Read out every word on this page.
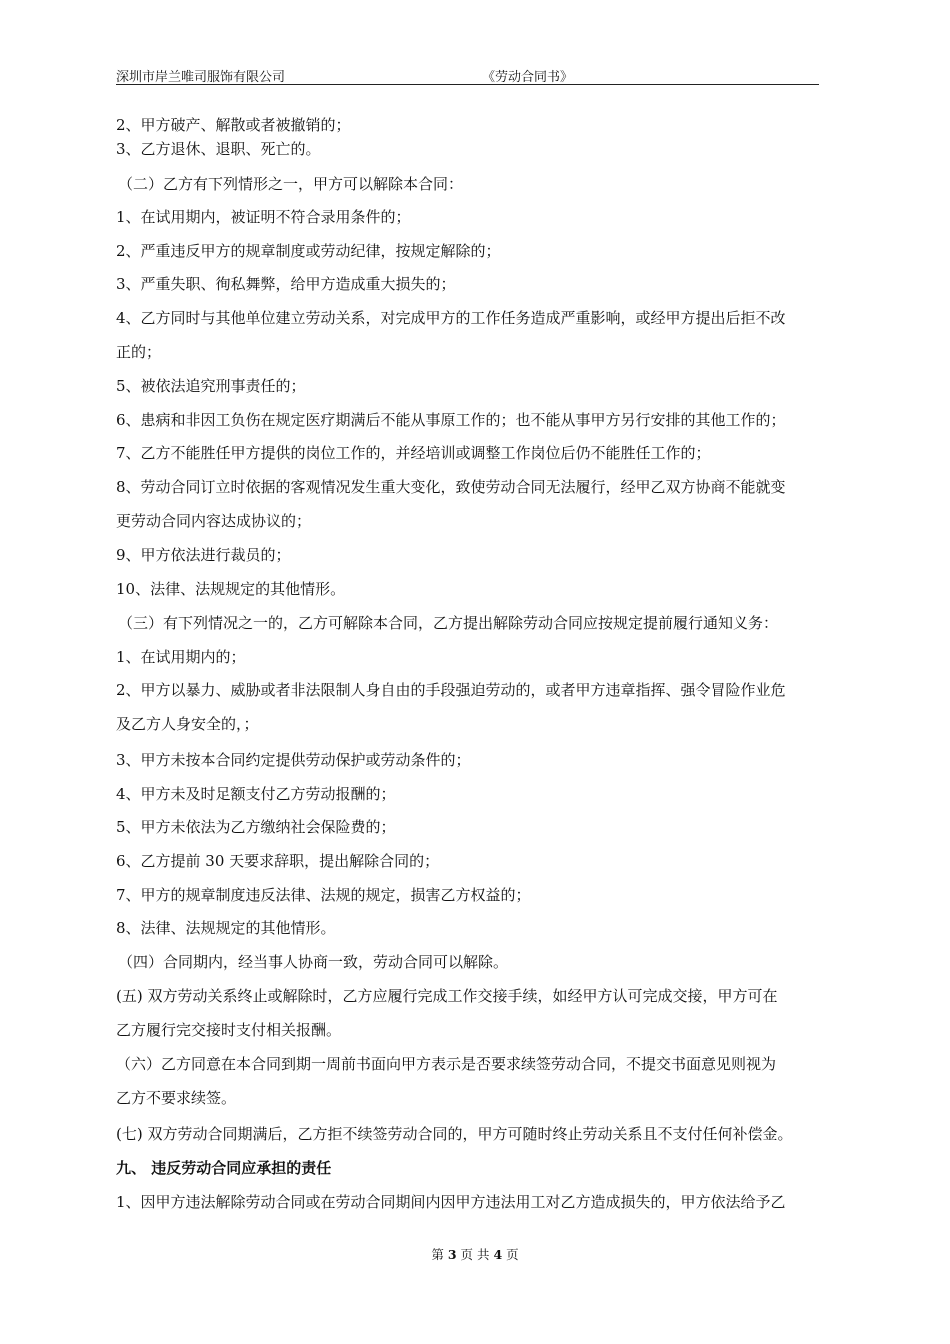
深圳市岸兰唯司服饰有限公司	《劳动合同书》
2、甲方破产、解散或者被撤销的；
3、乙方退休、退职、死亡的。
（二）乙方有下列情形之一，甲方可以解除本合同：
1、在试用期内，被证明不符合录用条件的；
2、严重违反甲方的规章制度或劳动纪律，按规定解除的；
3、严重失职、徇私舞弊，给甲方造成重大损失的；
4、乙方同时与其他单位建立劳动关系，对完成甲方的工作任务造成严重影响，或经甲方提出后拒不改
正的；
5、被依法追究刑事责任的；
6、患病和非因工负伤在规定医疗期满后不能从事原工作的；也不能从事甲方另行安排的其他工作的；
7、乙方不能胜任甲方提供的岗位工作的，并经培训或调整工作岗位后仍不能胜任工作的；
8、劳动合同订立时依据的客观情况发生重大变化，致使劳动合同无法履行，经甲乙双方协商不能就变
更劳动合同内容达成协议的；
9、甲方依法进行裁员的；
10、法律、法规规定的其他情形。
（三）有下列情况之一的，乙方可解除本合同，乙方提出解除劳动合同应按规定提前履行通知义务：
1、在试用期内的；
2、甲方以暴力、威胁或者非法限制人身自由的手段强迫劳动的，或者甲方违章指挥、强令冒险作业危
及乙方人身安全的，；
3、甲方未按本合同约定提供劳动保护或劳动条件的；
4、甲方未及时足额支付乙方劳动报酬的；
5、甲方未依法为乙方缴纳社会保险费的；
6、乙方提前 30 天要求辞职，提出解除合同的；
7、甲方的规章制度违反法律、法规的规定，损害乙方权益的；
8、法律、法规规定的其他情形。
（四）合同期内，经当事人协商一致，劳动合同可以解除。
(五) 双方劳动关系终止或解除时，乙方应履行完成工作交接手续，如经甲方认可完成交接，甲方可在
乙方履行完交接时支付相关报酬。
（六）乙方同意在本合同到期一周前书面向甲方表示是否要求续签劳动合同，不提交书面意见则视为
乙方不要求续签。
(七) 双方劳动合同期满后，乙方拒不续签劳动合同的，甲方可随时终止劳动关系且不支付任何补偿金。
九、 违反劳动合同应承担的责任
1、因甲方违法解除劳动合同或在劳动合同期间内因甲方违法用工对乙方造成损失的，甲方依法给予乙
第 3 页 共 4 页
